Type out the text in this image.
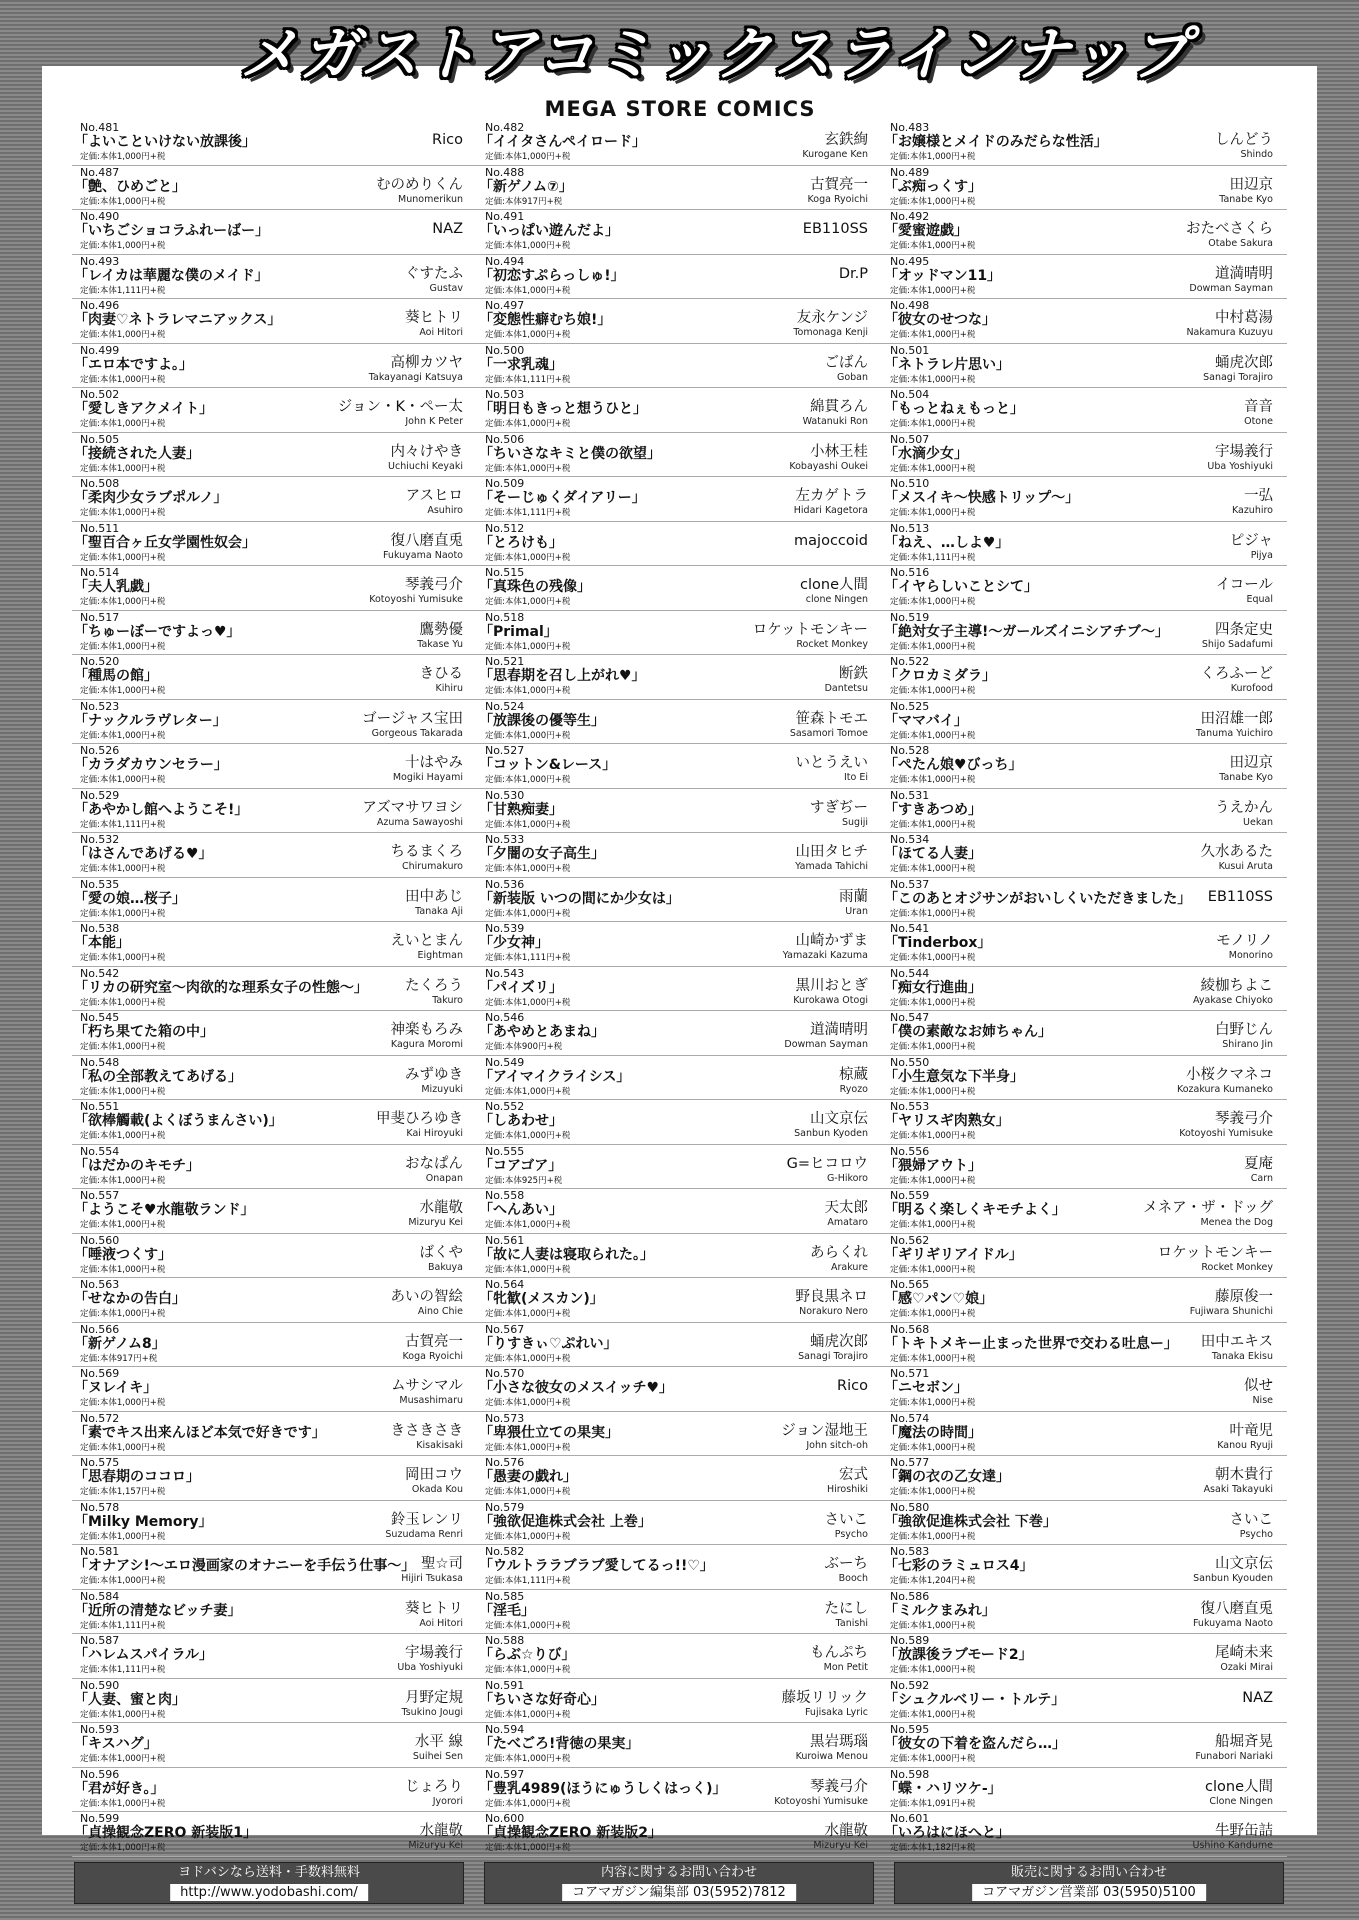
メガストアコミックスラインナップ
MEGA STORE COMICS
No.481
「よいこといけない放課後」	Rico
定価:本体1,000円+税
No.482
「イイタさんペイロード」	玄鉄絢
Kurogane Ken
定価:本体1,000円+税
No.483
「お嬢様とメイドのみだらな性活」	しんどう
Shindo
定価:本体1,000円+税
No.487
「艶、ひめごと」	むのめりくん
Munomerikun
定価:本体1,000円+税
No.488
「新ゲノム⑦」	古賀亮一
Koga Ryoichi
定価:本体917円+税
No.489
「ぶ痴っくす」	田辺京
Tanabe Kyo
定価:本体1,000円+税
No.490
「いちごショコラふれーばー」	NAZ
定価:本体1,000円+税
No.491
「いっぱい遊んだよ」	EB110SS
定価:本体1,000円+税
No.492
「愛蜜遊戯」	おたべさくら
Otabe Sakura
定価:本体1,000円+税
No.493
「レイカは華麗な僕のメイド」	ぐすたふ
Gustav
定価:本体1,111円+税
No.494
「初恋すぷらっしゅ!」	Dr.P
定価:本体1,000円+税
No.495
「オッドマン11」	道満晴明
Dowman Sayman
定価:本体1,000円+税
No.496
「肉妻♡ネトラレマニアックス」	葵ヒトリ
Aoi Hitori
定価:本体1,000円+税
No.497
「変態性癖むち娘!」	友永ケンジ
Tomonaga Kenji
定価:本体1,000円+税
No.498
「彼女のせつな」	中村葛湯
Nakamura Kuzuyu
定価:本体1,000円+税
No.499
「エロ本ですよ。」	高柳カツヤ
Takayanagi Katsuya
定価:本体1,000円+税
No.500
「一求乳魂」	ごばん
Goban
定価:本体1,111円+税
No.501
「ネトラレ片思い」	蛹虎次郎
Sanagi Torajiro
定価:本体1,000円+税
No.502
「愛しきアクメイト」	ジョン・K・ペー太
John K Peter
定価:本体1,000円+税
No.503
「明日もきっと想うひと」	綿貫ろん
Watanuki Ron
定価:本体1,000円+税
No.504
「もっとねぇもっと」	音音
Otone
定価:本体1,000円+税
No.505
「接続された人妻」	内々けやき
Uchiuchi Keyaki
定価:本体1,000円+税
No.506
「ちいさなキミと僕の欲望」	小林王桂
Kobayashi Oukei
定価:本体1,000円+税
No.507
「水滴少女」	宇場義行
Uba Yoshiyuki
定価:本体1,000円+税
No.508
「柔肉少女ラブポルノ」	アスヒロ
Asuhiro
定価:本体1,000円+税
No.509
「そーじゅくダイアリー」	左カゲトラ
Hidari Kagetora
定価:本体1,111円+税
No.510
「メスイキ〜快感トリップ〜」	一弘
Kazuhiro
定価:本体1,000円+税
No.511
「聖百合ヶ丘女学園性奴会」	復八磨直兎
Fukuyama Naoto
定価:本体1,000円+税
No.512
「とろけも」	majoccoid
定価:本体1,000円+税
No.513
「ねえ、…しよ♥」	ピジャ
Pijya
定価:本体1,111円+税
No.514
「夫人乳戯」	琴義弓介
Kotoyoshi Yumisuke
定価:本体1,000円+税
No.515
「真珠色の残像」	clone人間
clone Ningen
定価:本体1,000円+税
No.516
「イヤらしいことシて」	イコール
Equal
定価:本体1,000円+税
No.517
「ちゅーぼーですよっ♥」	鷹勢優
Takase Yu
定価:本体1,000円+税
No.518
「Primal」	ロケットモンキー
Rocket Monkey
定価:本体1,000円+税
No.519
「絶対女子主導!〜ガールズイニシアチブ〜」	四条定史
Shijo Sadafumi
定価:本体1,000円+税
No.520
「種馬の館」	きひる
Kihiru
定価:本体1,000円+税
No.521
「思春期を召し上がれ♥」	断鉄
Dantetsu
定価:本体1,000円+税
No.522
「クロカミダラ」	くろふーど
Kurofood
定価:本体1,000円+税
No.523
「ナックルラヴレター」	ゴージャス宝田
Gorgeous Takarada
定価:本体1,000円+税
No.524
「放課後の優等生」	笹森トモエ
Sasamori Tomoe
定価:本体1,000円+税
No.525
「ママバイ」	田沼雄一郎
Tanuma Yuichiro
定価:本体1,000円+税
No.526
「カラダカウンセラー」	十はやみ
Mogiki Hayami
定価:本体1,000円+税
No.527
「コットン&レース」	いとうえい
Ito Ei
定価:本体1,000円+税
No.528
「ぺたん娘♥びっち」	田辺京
Tanabe Kyo
定価:本体1,000円+税
No.529
「あやかし館へようこそ!」	アズマサワヨシ
Azuma Sawayoshi
定価:本体1,111円+税
No.530
「甘熟痴妻」	すぎぢー
Sugiji
定価:本体1,000円+税
No.531
「すきあつめ」	うえかん
Uekan
定価:本体1,000円+税
No.532
「はさんであげる♥」	ちるまくろ
Chirumakuro
定価:本体1,000円+税
No.533
「夕闇の女子高生」	山田タヒチ
Yamada Tahichi
定価:本体1,000円+税
No.534
「ほてる人妻」	久水あるた
Kusui Aruta
定価:本体1,000円+税
No.535
「愛の娘…桜子」	田中あじ
Tanaka Aji
定価:本体1,000円+税
No.536
「新装版 いつの間にか少女は」	雨蘭
Uran
定価:本体1,000円+税
No.537
「このあとオジサンがおいしくいただきました」 EB110SS
定価:本体1,000円+税
No.538
「本能」	えいとまん
Eightman
定価:本体1,000円+税
No.539
「少女神」	山崎かずま
Yamazaki Kazuma
定価:本体1,111円+税
No.541
「Tinderbox」	モノリノ
Monorino
定価:本体1,000円+税
No.542
「リカの研究室〜肉欲的な理系女子の性態〜」	たくろう
Takuro
定価:本体1,000円+税
No.543
「パイズリ」	黒川おとぎ
Kurokawa Otogi
定価:本体1,000円+税
No.544
「痴女行進曲」	綾枷ちよこ
Ayakase Chiyoko
定価:本体1,000円+税
No.545
「朽ち果てた箱の中」	神楽もろみ
Kagura Moromi
定価:本体1,000円+税
No.546
「あやめとあまね」	道満晴明
Dowman Sayman
定価:本体900円+税
No.547
「僕の素敵なお姉ちゃん」	白野じん
Shirano Jin
定価:本体1,000円+税
No.548
「私の全部教えてあげる」	みずゆき
Mizuyuki
定価:本体1,000円+税
No.549
「アイマイクライシス」	椋蔵
Ryozo
定価:本体1,000円+税
No.550
「小生意気な下半身」	小桜クマネコ
Kozakura Kumaneko
定価:本体1,000円+税
No.551
「欲棒觸載(よくぼうまんさい)」	甲斐ひろゆき
Kai Hiroyuki
定価:本体1,000円+税
No.552
「しあわせ」	山文京伝
Sanbun Kyoden
定価:本体1,000円+税
No.553
「ヤリスギ肉熟女」	琴義弓介
Kotoyoshi Yumisuke
定価:本体1,000円+税
No.554
「はだかのキモチ」	おなぱん
Onapan
定価:本体1,000円+税
No.555
「コアゴア」	G=ヒコロウ
G-Hikoro
定価:本体925円+税
No.556
「猥婦アウト」	夏庵
Carn
定価:本体1,000円+税
No.557
「ようこそ♥水龍敬ランド」	水龍敬
Mizuryu Kei
定価:本体1,000円+税
No.558
「へんあい」	天太郎
Amataro
定価:本体1,000円+税
No.559
「明るく楽しくキモチよく」	メネア・ザ・ドッグ
Menea the Dog
定価:本体1,000円+税
No.560
「唾液つくす」	ばくや
Bakuya
定価:本体1,000円+税
No.561
「故に人妻は寝取られた。」	あらくれ
Arakure
定価:本体1,000円+税
No.562
「ギリギリアイドル」	ロケットモンキー
Rocket Monkey
定価:本体1,000円+税
No.563
「せなかの告白」	あいの智絵
Aino Chie
定価:本体1,000円+税
No.564
「牝歓(メスカン)」	野良黒ネロ
Norakuro Nero
定価:本体1,000円+税
No.565
「感♡パン♡娘」	藤原俊一
Fujiwara Shunichi
定価:本体1,000円+税
No.566
「新ゲノム8」	古賀亮一
Koga Ryoichi
定価:本体917円+税
No.567
「りすきぃ♡ぷれい」	蛹虎次郎
Sanagi Torajiro
定価:本体1,000円+税
No.568
「トキトメキー止まった世界で交わる吐息ー」 田中エキス
Tanaka Ekisu
定価:本体1,000円+税
No.569
「ヌレイキ」	ムサシマル
Musashimaru
定価:本体1,000円+税
No.570
「小さな彼女のメスイッチ♥」	Rico
定価:本体1,000円+税
No.571
「ニセボン」	似せ
Nise
定価:本体1,000円+税
No.572
「素でキス出来んほど本気で好きです」	きさきさき
Kisakisaki
定価:本体1,000円+税
No.573
「卑猥仕立ての果実」	ジョン湿地王
John sitch-oh
定価:本体1,000円+税
No.574
「魔法の時間」	叶竜児
Kanou Ryuji
定価:本体1,000円+税
No.575
「思春期のココロ」	岡田コウ
Okada Kou
定価:本体1,157円+税
No.576
「愚妻の戯れ」	宏式
Hiroshiki
定価:本体1,000円+税
No.577
「鋼の衣の乙女達」	朝木貴行
Asaki Takayuki
定価:本体1,000円+税
No.578
「Milky Memory」	鈴玉レンリ
Suzudama Renri
定価:本体1,000円+税
No.579
「強欲促進株式会社 上巻」	さいこ
Psycho
定価:本体1,000円+税
No.580
「強欲促進株式会社 下巻」	さいこ
Psycho
定価:本体1,000円+税
No.581
「オナアシ!〜エロ漫画家のオナニーを手伝う仕事〜」 聖☆司
Hijiri Tsukasa
定価:本体1,000円+税
No.582
「ウルトララブラブ愛してるっ!!♡」	ぶーち
Booch
定価:本体1,111円+税
No.583
「七彩のラミュロス4」	山文京伝
Sanbun Kyouden
定価:本体1,204円+税
No.584
「近所の清楚なビッチ妻」	葵ヒトリ
Aoi Hitori
定価:本体1,111円+税
No.585
「淫毛」	たにし
Tanishi
定価:本体1,000円+税
No.586
「ミルクまみれ」	復八磨直兎
Fukuyama Naoto
定価:本体1,000円+税
No.587
「ハレムスパイラル」	宇場義行
Uba Yoshiyuki
定価:本体1,111円+税
No.588
「らぶ☆りび」	もんぷち
Mon Petit
定価:本体1,000円+税
No.589
「放課後ラブモード2」	尾崎未来
Ozaki Mirai
定価:本体1,000円+税
No.590
「人妻、蜜と肉」	月野定規
Tsukino Jougi
定価:本体1,000円+税
No.591
「ちいさな好奇心」	藤坂リリック
Fujisaka Lyric
定価:本体1,000円+税
No.592
「シュクルベリー・トルテ」	NAZ
定価:本体1,000円+税
No.593
「キスハグ」	水平 線
Suihei Sen
定価:本体1,000円+税
No.594
「たべごろ!背徳の果実」	黒岩瑪瑙
Kuroiwa Menou
定価:本体1,000円+税
No.595
「彼女の下着を盗んだら…」	船堀斉晃
Funabori Nariaki
定価:本体1,000円+税
No.596
「君が好き。」	じょろり
Jyorori
定価:本体1,000円+税
No.597
「豊乳4989(ほうにゅうしくはっく)」	琴義弓介
Kotoyoshi Yumisuke
定価:本体1,000円+税
No.598
「蝶・ハリツケ-」	clone人間
Clone Ningen
定価:本体1,091円+税
No.599
「貞操観念ZERO 新装版1」	水龍敬
Mizuryu Kei
定価:本体1,000円+税
No.600
「貞操観念ZERO 新装版2」	水龍敬
Mizuryu Kei
定価:本体1,000円+税
No.601
「いろはにほへと」	牛野缶詰
Ushino Kandume
定価:本体1,182円+税
ヨドバシなら送料・手数料無料
http://www.yodobashi.com/
内容に関するお問い合わせ
コアマガジン編集部 03(5952)7812
販売に関するお問い合わせ
コアマガジン営業部 03(5950)5100
